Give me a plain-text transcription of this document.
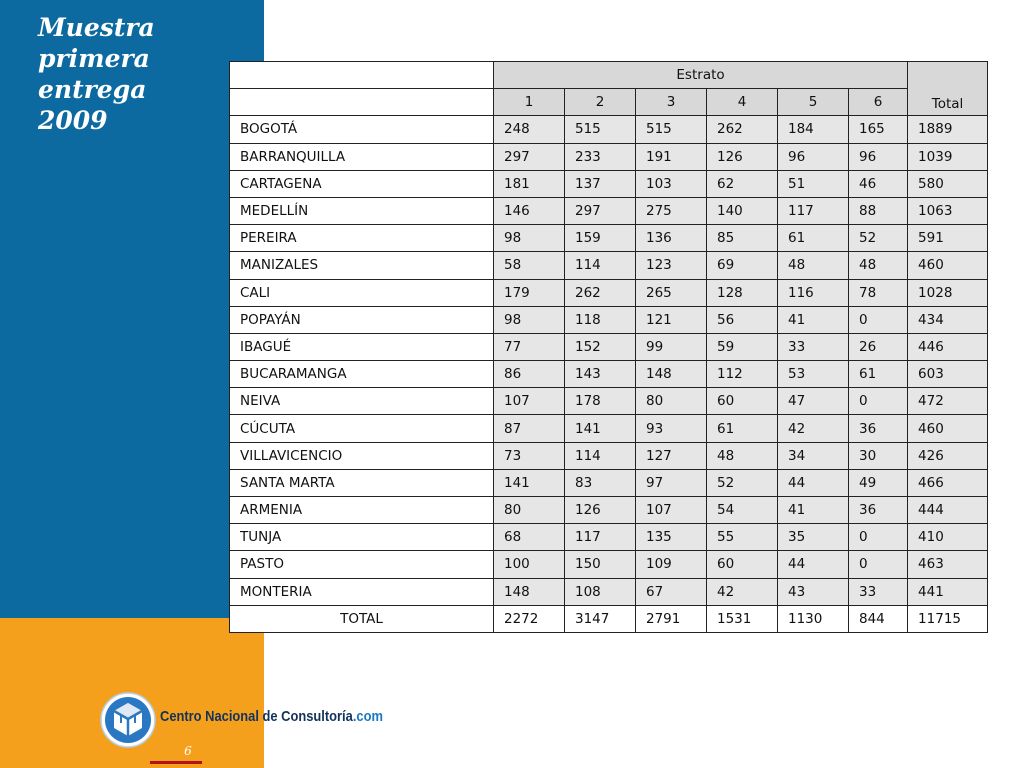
Muestra
primera
entrega
2009
	Estrato						Total
	1	2	3	4	5	6	
BOGOTÁ	248	515	515	262	184	165	1889
BARRANQUILLA	297	233	191	126	96	96	1039
CARTAGENA	181	137	103	62	51	46	580
MEDELLÍN	146	297	275	140	117	88	1063
PEREIRA	98	159	136	85	61	52	591
MANIZALES	58	114	123	69	48	48	460
CALI	179	262	265	128	116	78	1028
POPAYÁN	98	118	121	56	41	0	434
IBAGUÉ	77	152	99	59	33	26	446
BUCARAMANGA	86	143	148	112	53	61	603
NEIVA	107	178	80	60	47	0	472
CÚCUTA	87	141	93	61	42	36	460
VILLAVICENCIO	73	114	127	48	34	30	426
SANTA MARTA	141	83	97	52	44	49	466
ARMENIA	80	126	107	54	41	36	444
TUNJA	68	117	135	55	35	0	410
PASTO	100	150	109	60	44	0	463
MONTERIA	148	108	67	42	43	33	441
TOTAL	2272	3147	2791	1531	1130	844	11715
Centro Nacional de Consultoría.com
6
